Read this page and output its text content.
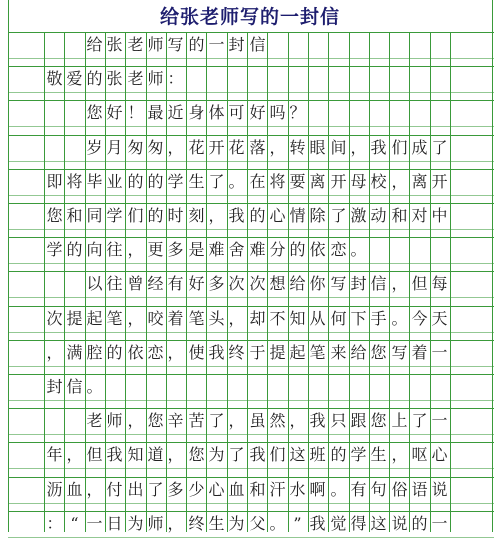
给张老师写的一封信

给 张 老 师 写 的 一 封 信
敬 爱 的 张 老 师 ：

您 好 ！ 最 近 身 体 可 好 吗 ？

岁 月 匆 匆 ， 花 开 花 落 ， 转 眼 间 ， 我 们 成 了
即 将 毕 业 的 的 学 生 了 。 在 将 要 离 开 母 校 ， 离 开
您 和 同 学 们 的 时 刻 ， 我 的 心 情 除 了 激 动 和 对 中
学 的 向 往 ， 更 多 是 难 舍 难 分 的 依 恋 。

以 往 曾 经 有 好 多 次 次 想 给 你 写 封 信 ， 但 每
次 提 起 笔 ， 咬 着 笔 头 ， 却 不 知 从 何 下 手 。 今 天
， 满 腔 的 依 恋 ， 使 我 终 于 提 起 笔 来 给 您 写 着 一
封 信 。

老 师 ， 您 辛 苦 了 ， 虽 然 ， 我 只 跟 您 上 了 一
年 ， 但 我 知 道 ， 您 为 了 我 们 这 班 的 学 生 ， 呕 心
沥 血 ， 付 出 了 多 少 心 血 和 汗 水 啊 。 有 句 俗 语 说
： “ 一 日 为 师 ， 终 生 为 父 。 ” 我 觉 得 这 说 的 一
